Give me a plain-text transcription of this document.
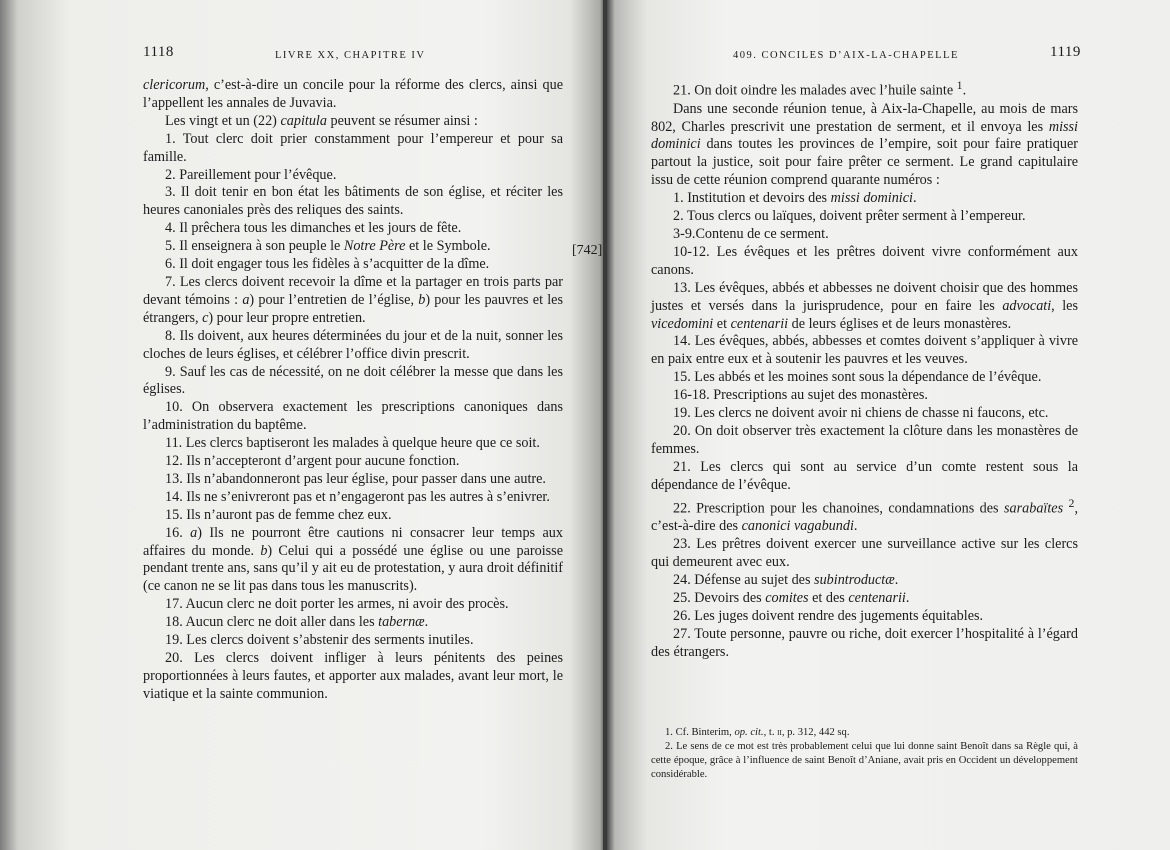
1118	LIVRE XX, CHAPITRE IV

clericorum, c’est-à-dire un concile pour la réforme des clercs, ainsi que l’appellent les annales de Juvavia.

Les vingt et un (22) capitula peuvent se résumer ainsi :

1. Tout clerc doit prier constamment pour l’empereur et pour sa famille.

2. Pareillement pour l’évêque.

3. Il doit tenir en bon état les bâtiments de son église, et réciter les heures canoniales près des reliques des saints.

4. Il prêchera tous les dimanches et les jours de fête.

5. Il enseignera à son peuple le Notre Père et le Symbole.

6. Il doit engager tous les fidèles à s’acquitter de la dîme.

7. Les clercs doivent recevoir la dîme et la partager en trois parts par devant témoins : a) pour l’entretien de l’église, b) pour les pauvres et les étrangers, c) pour leur propre entretien.

8. Ils doivent, aux heures déterminées du jour et de la nuit, sonner les cloches de leurs églises, et célébrer l’office divin prescrit.

9. Sauf les cas de nécessité, on ne doit célébrer la messe que dans les églises.

10. On observera exactement les prescriptions canoniques dans l’administration du baptême.

11. Les clercs baptiseront les malades à quelque heure que ce soit.

12. Ils n’accepteront d’argent pour aucune fonction.

13. Ils n’abandonneront pas leur église, pour passer dans une autre.

14. Ils ne s’enivreront pas et n’engageront pas les autres à s’enivrer.

15. Ils n’auront pas de femme chez eux.

16. a) Ils ne pourront être cautions ni consacrer leur temps aux affaires du monde. b) Celui qui a possédé une église ou une paroisse pendant trente ans, sans qu’il y ait eu de protestation, y aura droit définitif (ce canon ne se lit pas dans tous les manuscrits).

17. Aucun clerc ne doit porter les armes, ni avoir des procès.

18. Aucun clerc ne doit aller dans les tabernæ.

19. Les clercs doivent s’abstenir des serments inutiles.

20. Les clercs doivent infliger à leurs pénitents des peines proportionnées à leurs fautes, et apporter aux malades, avant leur mort, le viatique et la sainte communion.

[742]
1119
409. CONCILES D’AIX-LA-CHAPELLE

21. On doit oindre les malades avec l’huile sainte $^1$.

Dans une seconde réunion tenue, à Aix-la-Chapelle, au mois de mars 802, Charles prescrivit une prestation de serment, et il envoya les missi dominici dans toutes les provinces de l’empire, soit pour faire pratiquer partout la justice, soit pour faire prêter ce serment. Le grand capitulaire issu de cette réunion comprend quarante numéros :

1. Institution et devoirs des missi dominici.

2. Tous clercs ou laïques, doivent prêter serment à l’empereur.

3-9.Contenu de ce serment.

10-12. Les évêques et les prêtres doivent vivre conformément aux canons.

13. Les évêques, abbés et abbesses ne doivent choisir que des hommes justes et versés dans la jurisprudence, pour en faire les advocati, les vicedomini et centenarii de leurs églises et de leurs monastères.

14. Les évêques, abbés, abbesses et comtes doivent s’appliquer à vivre en paix entre eux et à soutenir les pauvres et les veuves.

15. Les abbés et les moines sont sous la dépendance de l’évêque.

16-18. Prescriptions au sujet des monastères.

19. Les clercs ne doivent avoir ni chiens de chasse ni faucons, etc.

20. On doit observer très exactement la clôture dans les monastères de femmes.

21. Les clercs qui sont au service d’un comte restent sous la dépendance de l’évêque.

22. Prescription pour les chanoines, condamnations des sarabaïtes $^2$, c’est-à-dire des canonici vagabundi.

23. Les prêtres doivent exercer une surveillance active sur les clercs qui demeurent avec eux.

24. Défense au sujet des subintroductæ.

25. Devoirs des comites et des centenarii.

26. Les juges doivent rendre des jugements équitables.

27. Toute personne, pauvre ou riche, doit exercer l’hospitalité à l’égard des étrangers.

1. Cf. Binterim, op. cit., t. ii, p. 312, 442 sq.

2. Le sens de ce mot est très probablement celui que lui donne saint Benoît dans sa Règle qui, à cette époque, grâce à l’influence de saint Benoît d’Aniane, avait pris en Occident un développement considérable.
